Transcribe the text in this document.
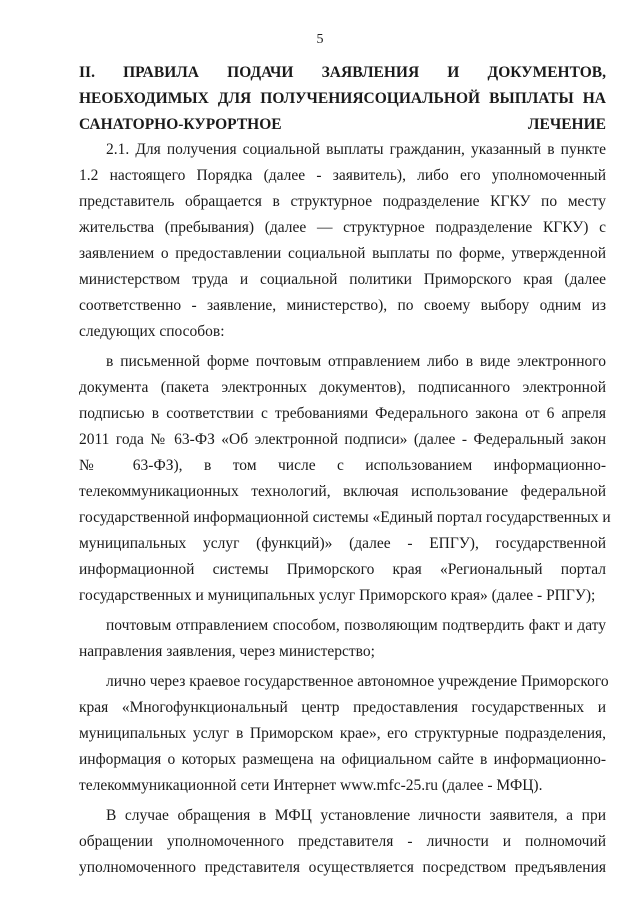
5
II. ПРАВИЛА ПОДАЧИ ЗАЯВЛЕНИЯ И ДОКУМЕНТОВ,
НЕОБХОДИМЫХ ДЛЯ ПОЛУЧЕНИЯСОЦИАЛЬНОЙ ВЫПЛАТЫ НА
САНАТОРНО-КУРОРТНОЕ ЛЕЧЕНИЕ

2.1. Для получения социальной выплаты гражданин, указанный в пункте
1.2 настоящего Порядка (далее - заявитель), либо его уполномоченный
представитель обращается в структурное подразделение КГКУ по месту
жительства (пребывания) (далее — структурное подразделение КГКУ) с
заявлением о предоставлении социальной выплаты по форме, утвержденной
министерством труда и социальной политики Приморского края (далее
соответственно - заявление, министерство), по своему выбору одним из
следующих способов:

в письменной форме почтовым отправлением либо в виде электронного
документа (пакета электронных документов), подписанного электронной
подписью в соответствии с требованиями Федерального закона от 6 апреля
2011 года № 63-ФЗ «Об электронной подписи» (далее - Федеральный закон
№ 63-ФЗ), в том числе с использованием информационно-
телекоммуникационных технологий, включая использование федеральной
государственной информационной системы «Единый портал государственных и
муниципальных услуг (функций)» (далее - ЕПГУ), государственной
информационной системы Приморского края «Региональный портал
государственных и муниципальных услуг Приморского края» (далее - РПГУ);

почтовым отправлением способом, позволяющим подтвердить факт и дату
направления заявления, через министерство;

лично через краевое государственное автономное учреждение Приморского
края «Многофункциональный центр предоставления государственных и
муниципальных услуг в Приморском крае», его структурные подразделения,
информация о которых размещена на официальном сайте в информационно-
телекоммуникационной сети Интернет www.mfc-25.ru (далее - МФЦ).

В случае обращения в МФЦ установление личности заявителя, а при
обращении уполномоченного представителя - личности и полномочий
уполномоченного представителя осуществляется посредством предъявления
